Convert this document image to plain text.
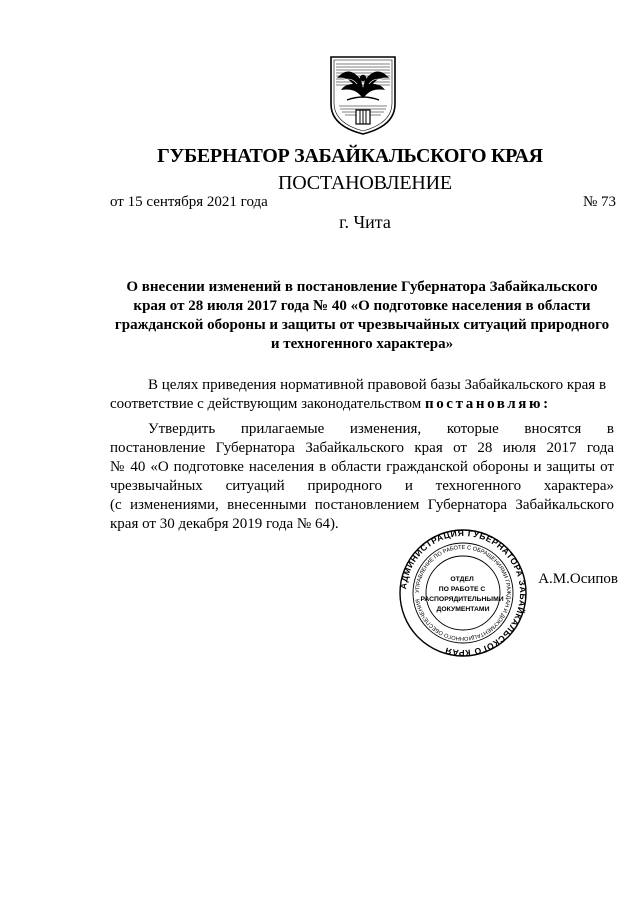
ГУБЕРНАТОР ЗАБАЙКАЛЬСКОГО КРАЯ
ПОСТАНОВЛЕНИЕ
от 15 сентября 2021 года	№ 73
г. Чита
О внесении изменений в постановление Губернатора Забайкальского
края от 28 июля 2017 года № 40 «О подготовке населения в области
гражданской обороны и защиты от чрезвычайных ситуаций природного
и техногенного характера»
В целях приведения нормативной правовой базы Забайкальского края в
соответствие с действующим законодательством постановляю:
Утвердить прилагаемые изменения, которые вносятся в
постановление Губернатора Забайкальского края от 28 июля 2017 года
№ 40 «О подготовке населения в области гражданской обороны и защиты от
чрезвычайных ситуаций природного и техногенного характера»
(с изменениями, внесенными постановлением Губернатора Забайкальского
края от 30 декабря 2019 года № 64).
АДМИНИСТРАЦИЯ ГУБЕРНАТОРА ЗАБАЙКАЛЬСКОГО КРАЯ
УПРАВЛЕНИЕ ПО РАБОТЕ С ОБРАЩЕНИЯМИ ГРАЖДАН И ДОКУМЕНТАЦИОННОГО ОБЕСПЕЧЕНИЯ
ОТДЕЛ ПО РАБОТЕ С РАСПОРЯДИТЕЛЬНЫМИ ДОКУМЕНТАМИ
А.М.Осипов
